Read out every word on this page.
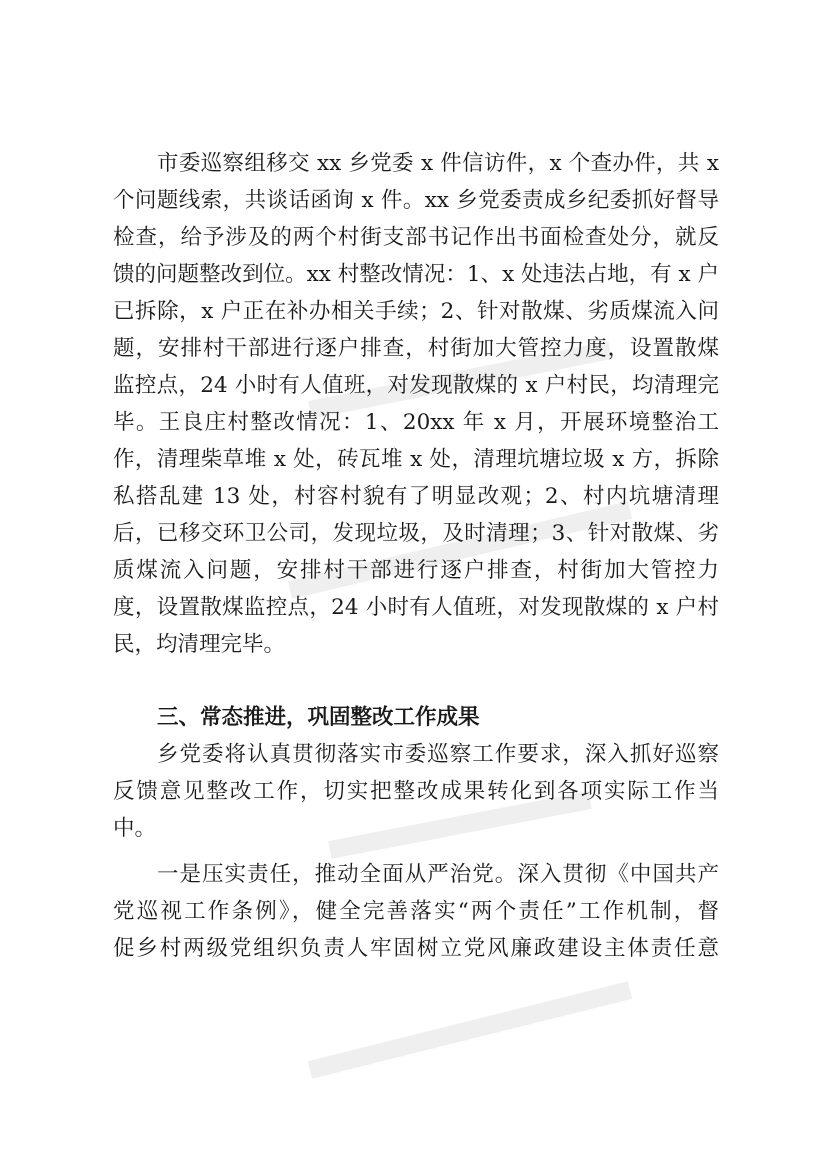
市委巡察组移交 xx 乡党委 x 件信访件，x 个查办件，共 x
个问题线索，共谈话函询 x 件。xx 乡党委责成乡纪委抓好督导
检查，给予涉及的两个村街支部书记作出书面检查处分，就反
馈的问题整改到位。xx 村整改情况：1、x 处违法占地，有 x 户
已拆除，x 户正在补办相关手续；2、针对散煤、劣质煤流入问
题，安排村干部进行逐户排查，村街加大管控力度，设置散煤
监控点，24 小时有人值班，对发现散煤的 x 户村民，均清理完
毕。王良庄村整改情况：1、20xx 年 x 月，开展环境整治工
作，清理柴草堆 x 处，砖瓦堆 x 处，清理坑塘垃圾 x 方，拆除
私搭乱建 13 处，村容村貌有了明显改观；2、村内坑塘清理
后，已移交环卫公司，发现垃圾，及时清理；3、针对散煤、劣
质煤流入问题，安排村干部进行逐户排查，村街加大管控力
度，设置散煤监控点，24 小时有人值班，对发现散煤的 x 户村
民，均清理完毕。
三、常态推进，巩固整改工作成果
乡党委将认真贯彻落实市委巡察工作要求，深入抓好巡察
反馈意见整改工作，切实把整改成果转化到各项实际工作当
中。
一是压实责任，推动全面从严治党。深入贯彻《中国共产
党巡视工作条例》，健全完善落实“两个责任”工作机制，督
促乡村两级党组织负责人牢固树立党风廉政建设主体责任意
